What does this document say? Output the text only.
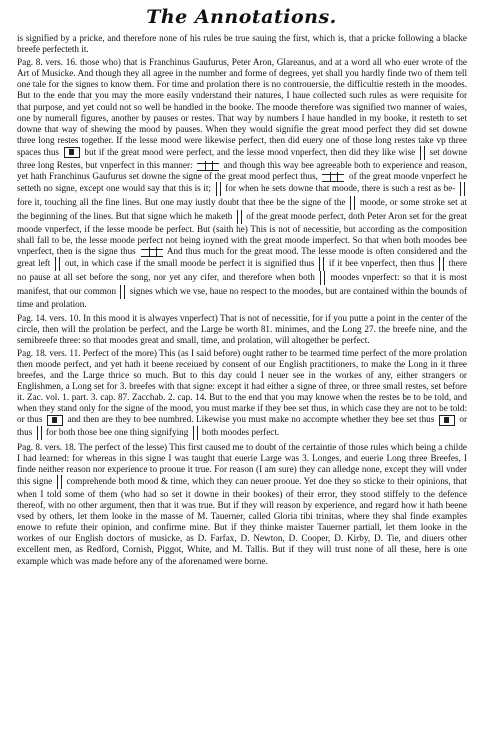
The Annotations.

is signified by a pricke, and therefore none of his rules be true sauing the first, which is, that a pricke following a blacke breefe perfecteth it.

Pag. 8. vers. 16. those who) that is Franchinus Gaufurus, Peter Aron, Glareanus, and at a word all who euer wrote of the Art of Musicke. And though they all agree in the number and forme of degrees, yet shall you hardly finde two of them tell one tale for the signes to know them. For time and prolation there is no controuersie, the difficultie resteth in the moodes. But to the ende that you may the more easily vnderstand their natures, I haue collected such rules as were requisite for that purpose, and yet could not so well be handled in the booke. The moode therefore was signified two manner of waies, one by numerall figures, another by pauses or restes. That way by numbers I haue handled in my booke, it resteth to set downe that way of shewing the mood by pauses. When they would signifie the great mood perfect they did set downe three long restes together. If the lesse mood were likewise perfect, then did euery one of those long restes take vp three spaces thus	but if the great mood were perfect, and the lesse mood vnperfect, then did they like wise set downe three long Restes, but vnperfect in this manner:	and though this way bee agreeable both to experience and reason, yet hath Franchinus Gaufurus set downe the signe of the great mood perfect thus,	of the great moode vnperfect he setteth no signe, except one would say that this is it; for when he sets downe that moode, there is such a rest as be-  fore it, touching all the fine lines. But one may iustly doubt that thee be the signe of the moode, or some stroke set at the beginning of the lines. But that signe which he maketh of the great moode perfect, doth Peter Aron set for the great moode vnperfect, if the lesse moode be perfect. But (saith he) This is not of necessitie, but according as the composition shall fall to be, the lesse moode perfect not being ioyned with the great moode imperfect. So that when both moodes bee vnperfect, then is the signe thus	And thus much for the great mood. The lesse moode is often considered and the great left out, in which case if the small moode be perfect it is signified thus if it bee vnperfect, then thus there no pause at all set before the song, nor yet any cifer, and therefore when both moodes vnperfect: so that it is most manifest, that our common signes which we vse, haue no respect to the moodes, but are contained within the bounds of time and prolation.

Pag. 14. vers. 10. In this mood it is alwayes vnperfect) That is not of necessitie, for if you putte a point in the center of the circle, then will the prolation be perfect, and the Large be worth 81. minimes, and the Long 27. the breefe nine, and the semibreefe three: so that moodes great and small, time, and prolation, will altogether be perfect.

Pag. 18. vers. 11. Perfect of the more) This (as I said before) ought rather to be tearmed time perfect of the more prolation then moode perfect, and yet hath it beene receiued by consent of our English practitioners, to make the Long in it three breefes, and the Large thrice so much. But to this day could I neuer see in the workes of any, either strangers or Englishmen, a Long set for 3. breefes with that signe: except it had either a signe of three, or three small restes, set before it. Zac. vol. 1. part. 3. cap. 87. Zacchab. 2. cap. 14. But to the end that you may knowe when the restes be to be told, and when they stand only for the signe of the mood, you must marke if they bee set thus, in which case they are not to be told: or thus	and then are they to bee numbred. Likewise you must make no accompte whether they bee set thus	or thus for both those bee one thing signifying both moodes perfect.

Pag. 8. vers. 18. The perfect of the lesse) This first caused me to doubt of the certaintie of those rules which being a childe I had learned: for whereas in this signe I was taught that euerie Large was 3. Longes, and euerie Long three Breefes, I finde neither reason nor experience to prooue it true. For reason (I am sure) they can alledge none, except they will vnder this signe comprehende both mood & time, which they can neuer prooue. Yet doe they so sticke to their opinions, that when I told some of them (who had so set it downe in their bookes) of their error, they stood stiffely to the defence thereof, with no other argument, then that it was true. But if they will reason by experience, and regard how it hath beene vsed by others, let them looke in the masse of M. Tauerner, called Gloria tibi trinitas, where they shal finde examples enowe to refute their opinion, and confirme mine. But if they thinke maister Tauerner partiall, let them looke in the workes of our English doctors of musicke, as D. Farfax, D. Newton, D. Cooper, D. Kirby, D. Tie, and diuers other excellent men, as Redford, Cornish, Piggot, White, and M. Tallis. But if they will trust none of all these, here is one example which was made before any of the aforenamed were borne.
